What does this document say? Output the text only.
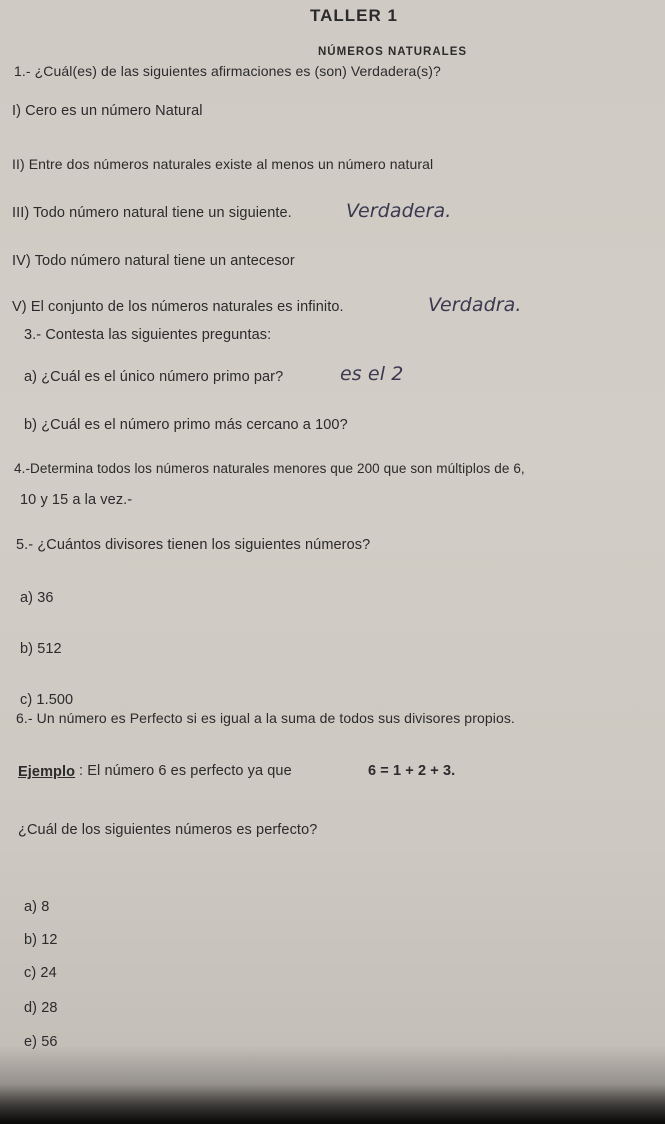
TALLER 1
NÚMEROS NATURALES
1.- ¿Cuál(es) de las siguientes afirmaciones es (son) Verdadera(s)?
I) Cero es un número Natural
II) Entre dos números naturales existe al menos un número natural
III) Todo número natural tiene un siguiente.	Verdadera.
IV) Todo número natural tiene un antecesor
V) El conjunto de los números naturales es infinito.	Verdadra.
3.- Contesta las siguientes preguntas:
a) ¿Cuál es el único número primo par?	es el 2
b) ¿Cuál es el número primo más cercano a 100?
4.-Determina todos los números naturales menores que 200 que son múltiplos de 6,
10 y 15 a la vez.-
5.- ¿Cuántos divisores tienen los siguientes números?
a) 36
b) 512
c) 1.500
6.- Un número es Perfecto si es igual a la suma de todos sus divisores propios.
Ejemplo : El número 6 es perfecto ya que	6 = 1 + 2 + 3.
¿Cuál de los siguientes números es perfecto?
a) 8
b) 12
c) 24
d) 28
e) 56
